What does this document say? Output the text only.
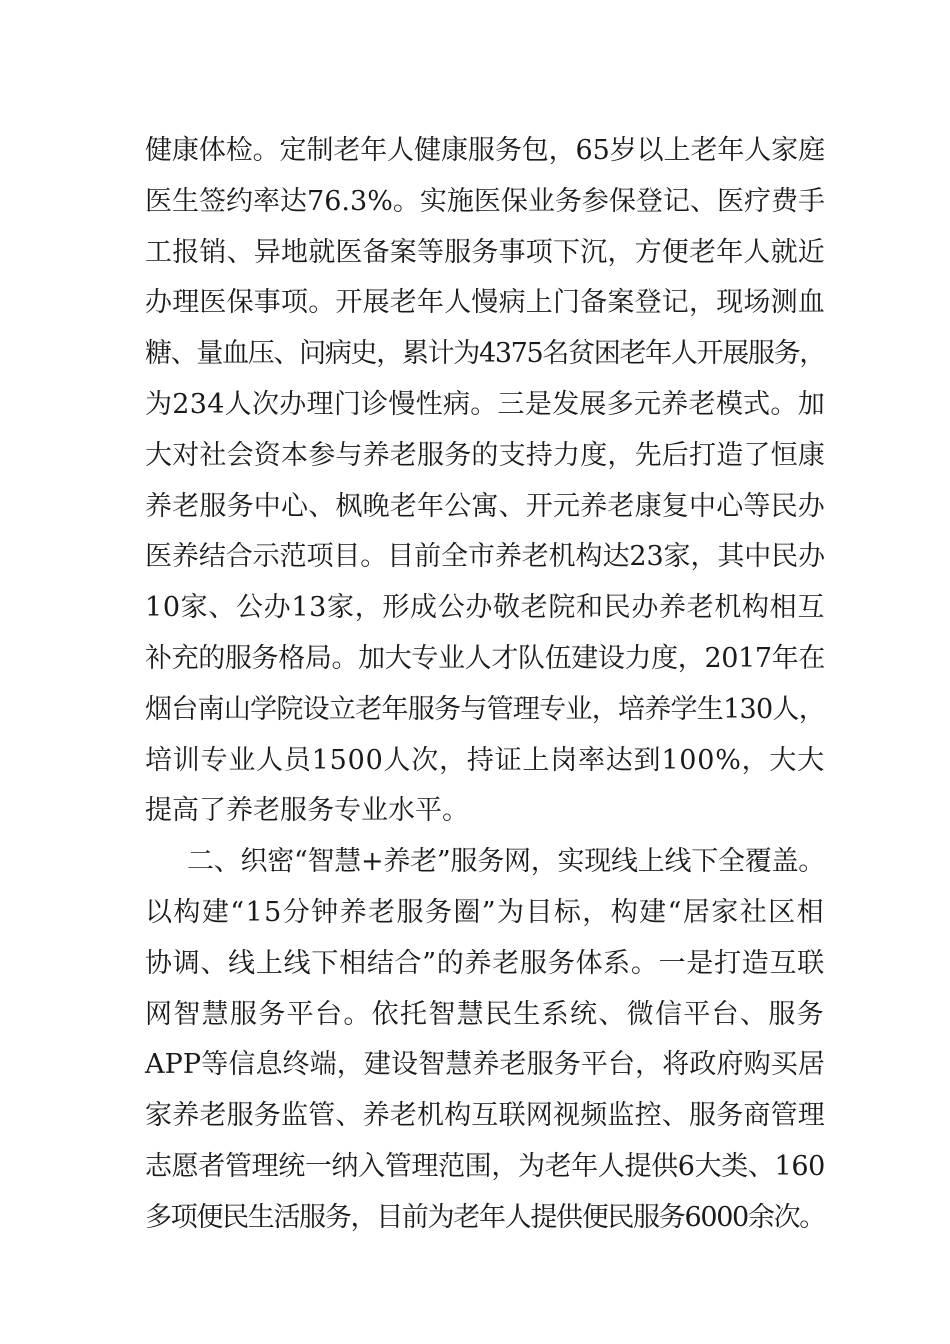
健康体检。定制老年人健康服务包，65岁以上老年人家庭
医生签约率达76.3%。实施医保业务参保登记、医疗费手
工报销、异地就医备案等服务事项下沉，方便老年人就近
办理医保事项。开展老年人慢病上门备案登记，现场测血
糖、量血压、问病史，累计为4375名贫困老年人开展服务，
为234人次办理门诊慢性病。三是发展多元养老模式。加
大对社会资本参与养老服务的支持力度，先后打造了恒康
养老服务中心、枫晚老年公寓、开元养老康复中心等民办
医养结合示范项目。目前全市养老机构达23家，其中民办
10家、公办13家，形成公办敬老院和民办养老机构相互
补充的服务格局。加大专业人才队伍建设力度，2017年在
烟台南山学院设立老年服务与管理专业，培养学生130人，
培训专业人员1500人次，持证上岗率达到100%，大大
提高了养老服务专业水平。
二、织密“智慧+养老”服务网，实现线上线下全覆盖。
以构建“15分钟养老服务圈”为目标，构建“居家社区相
协调、线上线下相结合”的养老服务体系。一是打造互联
网智慧服务平台。依托智慧民生系统、微信平台、服务
APP等信息终端，建设智慧养老服务平台，将政府购买居
家养老服务监管、养老机构互联网视频监控、服务商管理
志愿者管理统一纳入管理范围，为老年人提供6大类、160
多项便民生活服务，目前为老年人提供便民服务6000余次。
